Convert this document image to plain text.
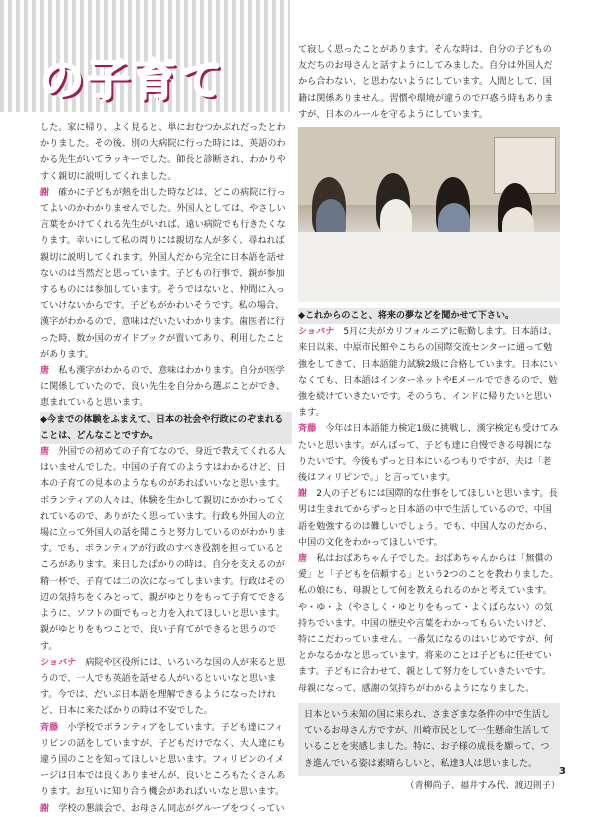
の子育て

した。家に帰り、よく見ると、単におむつかぶれだったとわかりました。その後、別の大病院に行った時には、英語のわかる先生がいてラッキーでした。師長と診断され、わかりやすく親切に説明してくれました。

謝　 確かに子どもが熱を出した時などは、どこの病院に行ってよいのかわかりませんでした。外国人としては、やさしい言葉をかけてくれる先生がいれば、遠い病院でも行きたくなります。幸いにして私の周りには親切な人が多く、尋ねれば親切に説明してくれます。外国人だから完全に日本語を話せないのは当然だと思っています。子どもの行事で、親が参加するものには参加しています。そうではないと、仲間に入っていけないからです。子どもがかわいそうです。私の場合、漢字がわかるので、意味はだいたいわかります。歯医者に行った時、数か国のガイドブックが置いてあり、利用したことがあります。

唐　 私も漢字がわかるので、意味はわかります。自分が医学に関係していたので、良い先生を自分から選ぶことができ、恵まれていると思います。

◆今までの体験をふまえて、日本の社会や行政にのぞまれることは、どんなことですか。

唐　 外国での初めての子育てなので、身近で教えてくれる人はいませんでした。中国の子育てのようすはわかるけど、日本の子育ての見本のようなものがあればいいなと思います。ボランティアの人々は、体験を生かして親切にかかわってくれているので、ありがたく思っています。行政も外国人の立場に立って外国人の話を聞こうと努力しているのがわかります。でも、ボランティアが行政のすべき役割を担っているところがあります。来日したばかりの時は、自分を支えるのが精一杯で、子育ては二の次になってしまいます。行政はその辺の気持ちをくみとって、親がゆとりをもって子育てできるように、ソフトの面でもっと力を入れてほしいと思います。親がゆとりをもつことで、良い子育てができると思うのです。

ショバナ　 病院や区役所には、いろいろな国の人が来ると思うので、一人でも英語を話せる人がいるといいなと思います。今では、だいぶ日本語を理解できるようになったけれど、日本に来たばかりの時は不安でした。

斉藤　 小学校でボランティアをしています。子ども達にフィリピンの話をしていますが、子どもだけでなく、大人達にも違う国のことを知ってほしいと思います。フィリピンのイメージは日本では良くありませんが、良いところもたくさんあります。お互いに知り合う機会があればいいなと思います。

謝　 学校の懇談会で、お母さん同志がグループをつくってい

て寂しく思ったことがあります。そんな時は、自分の子どもの友だちのお母さんと話すようにしてみました。自分は外国人だから合わない、と思わないようにしています。人間として、国籍は関係ありません。習慣や環境が違うので戸惑う時もありますが、日本のルールを守るようにしています。

◆これからのこと、将来の夢などを聞かせて下さい。

ショバナ　 5月に夫がカリフォルニアに転勤します。日本語は、来日以来、中原市民館やこちらの国際交流センターに通って勉強をしてきて、日本語能力試験2級に合格しています。日本にいなくても、日本語はインターネットやEメールでできるので、勉強を続けていきたいです。そのうち、インドに帰りたいと思います。

斉藤　 今年は日本語能力検定1級に挑戦し、漢字検定も受けてみたいと思います。がんばって、子ども達に自慢できる母親になりたいです。今後もずっと日本にいるつもりですが、夫は「老後はフィリピンで。」と言っています。

謝　 2人の子どもには国際的な仕事をしてほしいと思います。長男は生まれてからずっと日本語の中で生活しているので、中国語を勉強するのは難しいでしょう。でも、中国人なのだから、中国の文化をわかってほしいです。

唐　 私はおばあちゃん子でした。おばあちゃんからは「無償の愛」と「子どもを信頼する」という2つのことを教わりました。私の娘にも、母親として何を教えられるのかと考えています。や・ゆ・よ（やさしく・ゆとりをもって・よくばらない）の気持ちでいます。中国の歴史や言葉をわかってもらいたいけど、特にこだわっていません。一番気になるのはいじめですが、何とかなるかなと思っています。将来のことは子どもに任せています。子どもに合わせて、親として努力をしていきたいです。母親になって、感謝の気持ちがわかるようになりました。

日本という未知の国に来られ、さまざまな条件の中で生活しているお母さん方ですが、川崎市民として一生懸命生活していることを実感しました。特に、お子様の成長を願って、つき進んでいる姿は素晴らしいと、私達3人は思いました。
（青柳尚子、福井すみ代、渡辺則子）
3
